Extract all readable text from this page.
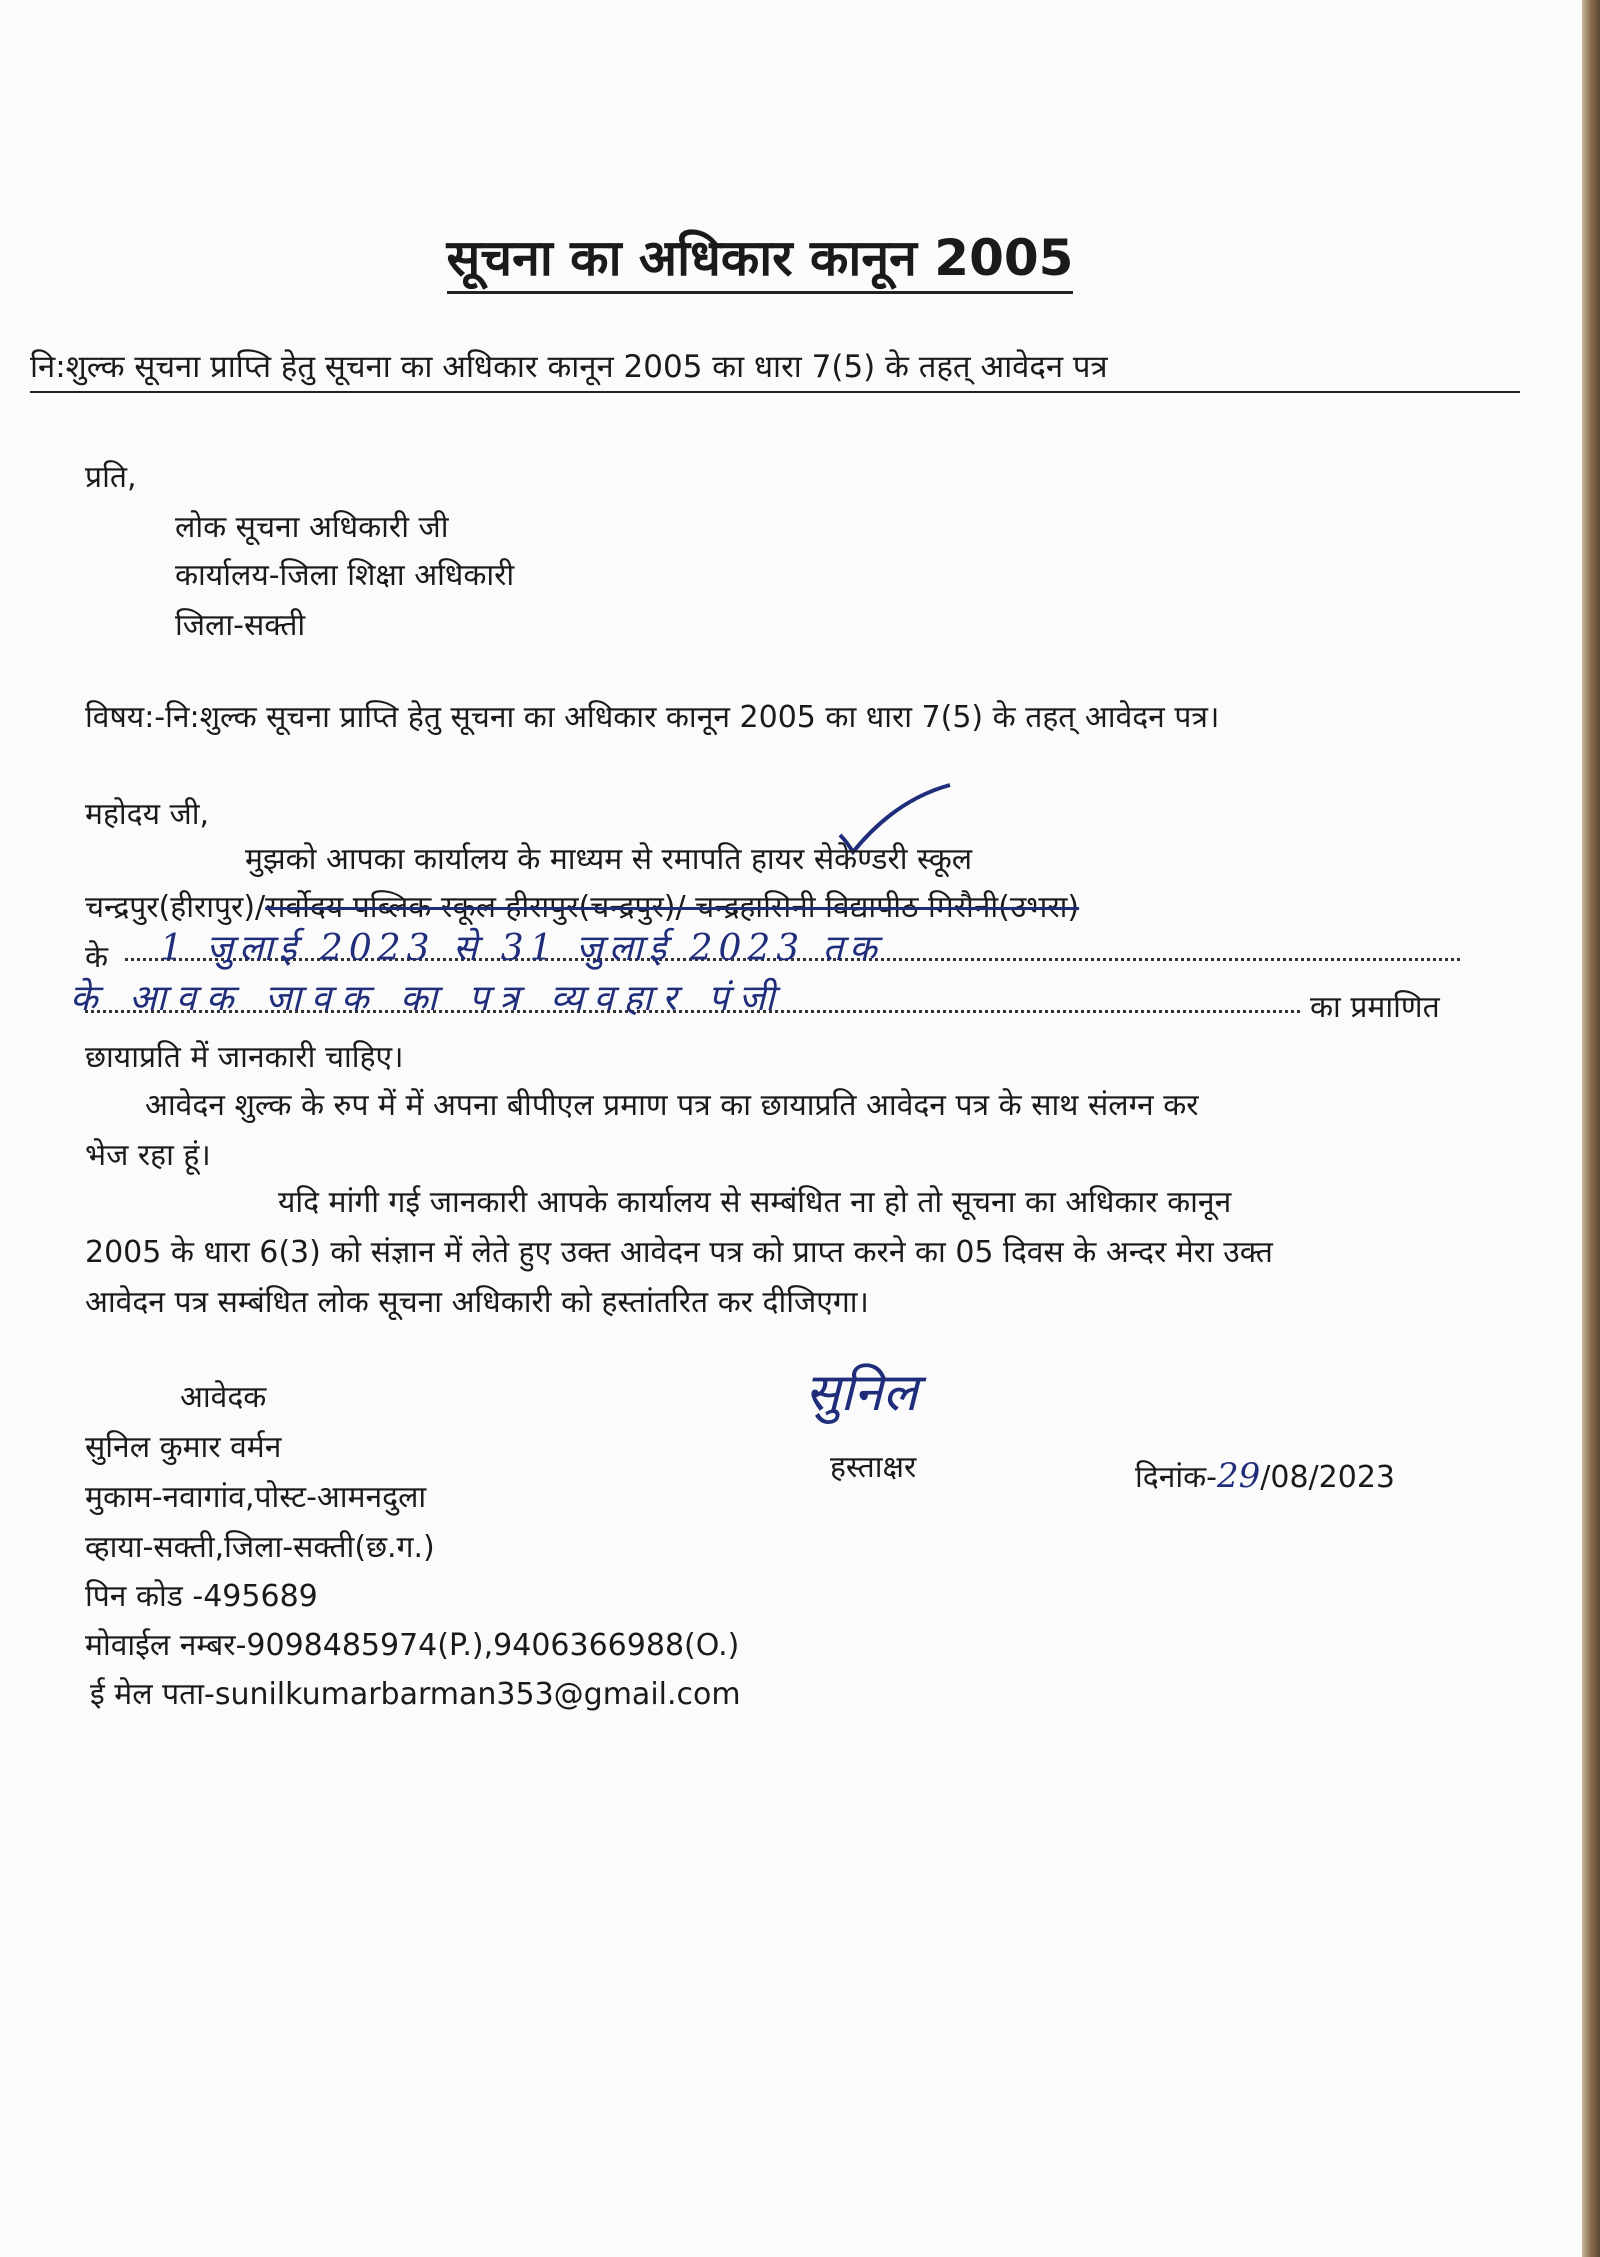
सूचना का अधिकार कानून 2005
नि:शुल्क सूचना प्राप्ति हेतु सूचना का अधिकार कानून 2005 का धारा 7(5) के तहत् आवेदन पत्र
प्रति,
लोक सूचना अधिकारी जी
कार्यालय-जिला शिक्षा अधिकारी
जिला-सक्ती
विषय:-नि:शुल्क सूचना प्राप्ति हेतु सूचना का अधिकार कानून 2005 का धारा 7(5) के तहत् आवेदन पत्र।
महोदय जी,
मुझको आपका कार्यालय के माध्यम से रमापति हायर सेकेण्डरी स्कूल
चन्द्रपुर(हीरापुर)/सर्वोदय पब्लिक स्कूल हीरापुर(चन्द्रपुर)/ चन्द्रहासिनी विद्यापीठ मिरौनी(उभरा)
के 1 जुलाई 2023 से 31 जुलाई 2023 तक
के आवक जावक का पत्र व्यवहार पंजी	का प्रमाणित
छायाप्रति में जानकारी चाहिए।
आवेदन शुल्क के रुप में में अपना बीपीएल प्रमाण पत्र का छायाप्रति आवेदन पत्र के साथ संलग्न कर
भेज रहा हूं।
यदि मांगी गई जानकारी आपके कार्यालय से सम्बंधित ना हो तो सूचना का अधिकार कानून
2005 के धारा 6(3) को संज्ञान में लेते हुए उक्त आवेदन पत्र को प्राप्त करने का 05 दिवस के अन्दर मेरा उक्त
आवेदन पत्र सम्बंधित लोक सूचना अधिकारी को हस्तांतरित कर दीजिएगा।
आवेदक
सुनिल कुमार वर्मन
मुकाम-नवागांव,पोस्ट-आमनदुला
व्हाया-सक्ती,जिला-सक्ती(छ.ग.)
पिन कोड -495689
मोवाईल नम्बर-9098485974(P.),9406366988(O.)
ई मेल पता-sunilkumarbarman353@gmail.com
सुनिल
हस्ताक्षर	दिनांक-29/08/2023
